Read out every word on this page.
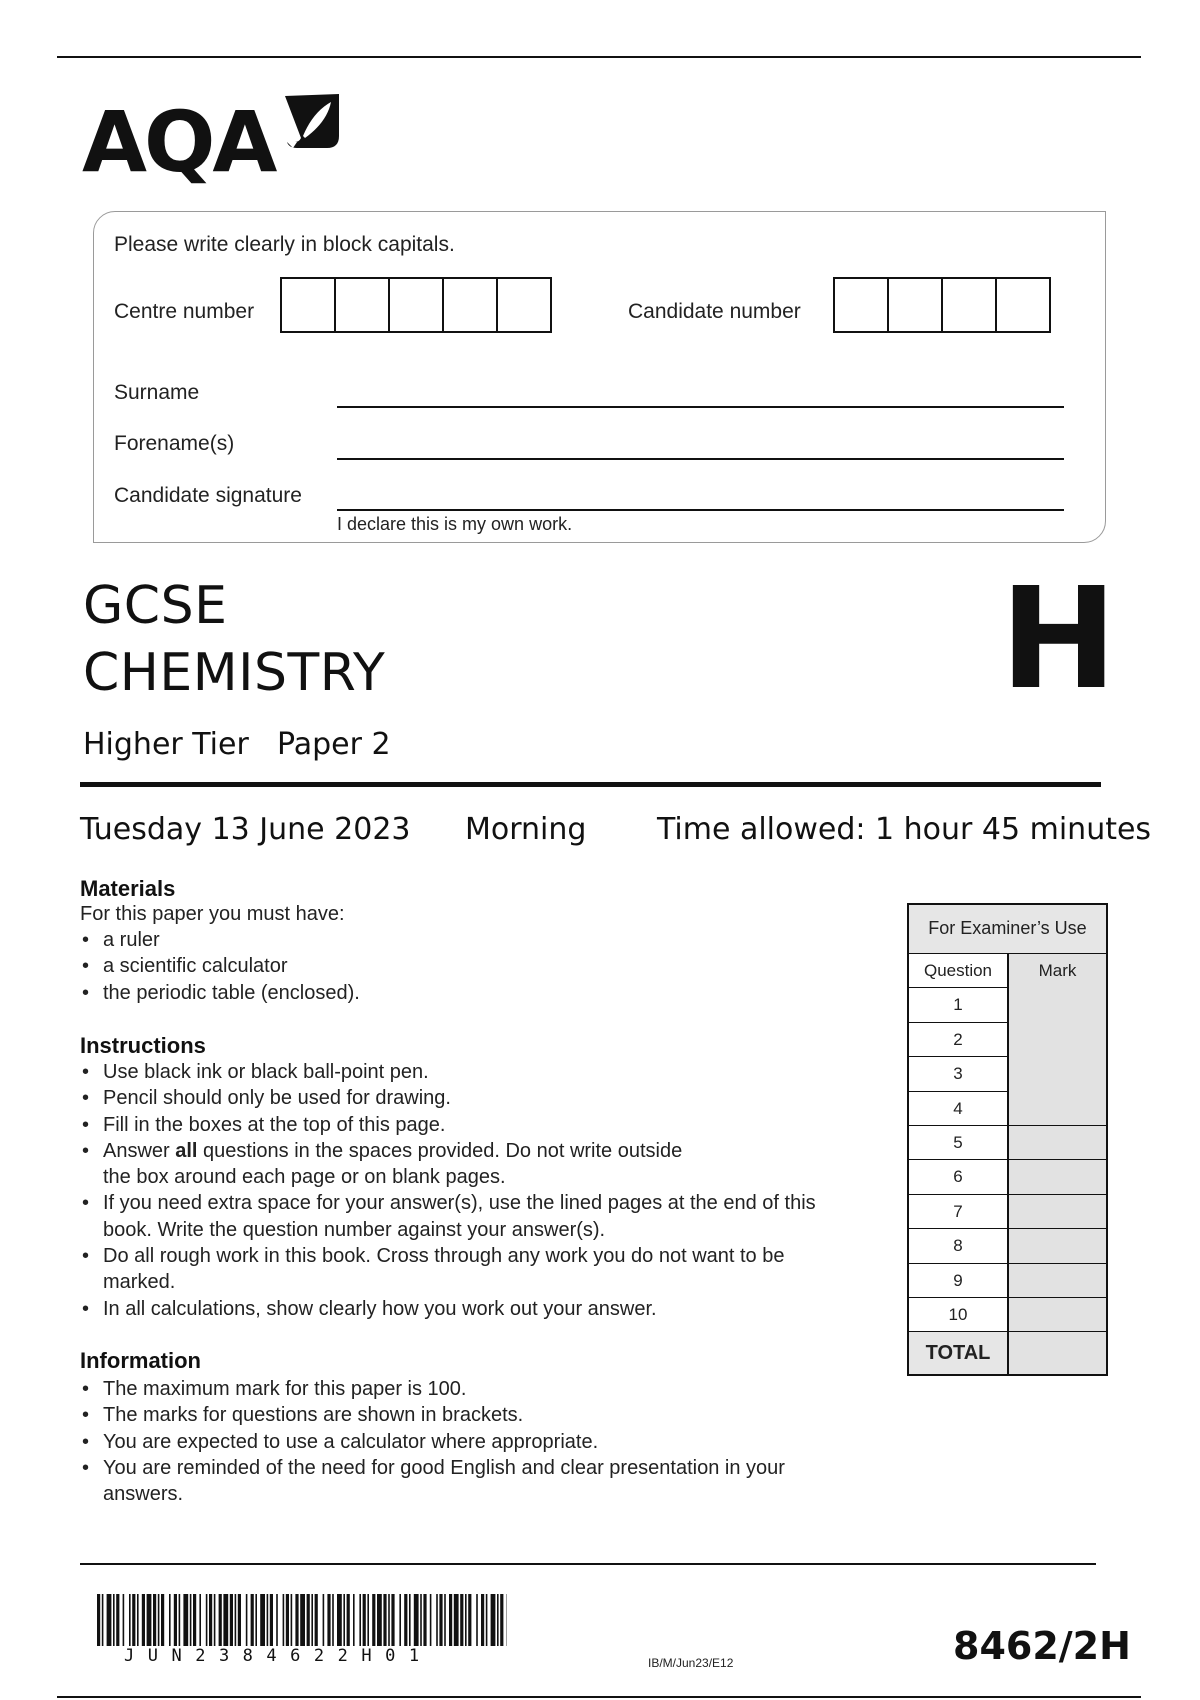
AQA
Please write clearly in block capitals.
Centre number	Candidate number
Surname
Forename(s)
Candidate signature
I declare this is my own work.
GCSE
CHEMISTRY	H
Higher Tier Paper 2
Tuesday 13 June 2023 Morning Time allowed: 1 hour 45 minutes
Materials
For this paper you must have:
• a ruler
• a scientific calculator
• the periodic table (enclosed).
Instructions
• Use black ink or black ball-point pen.
• Pencil should only be used for drawing.
• Fill in the boxes at the top of this page.
• Answer all questions in the spaces provided. Do not write outside
the box around each page or on blank pages.
• If you need extra space for your answer(s), use the lined pages at the end of this book. Write the question number against your answer(s).
• Do all rough work in this book. Cross through any work you do not want to be marked.
• In all calculations, show clearly how you work out your answer.
Information
• The maximum mark for this paper is 100.
• The marks for questions are shown in brackets.
• You are expected to use a calculator where appropriate.
• You are reminded of the need for good English and clear presentation in your answers.
For Examiner’s Use
Question	Mark
1
2
3
4
5
6
7
8
9
10
TOTAL
JUN2384622H01	IB/M/Jun23/E12	8462/2H
